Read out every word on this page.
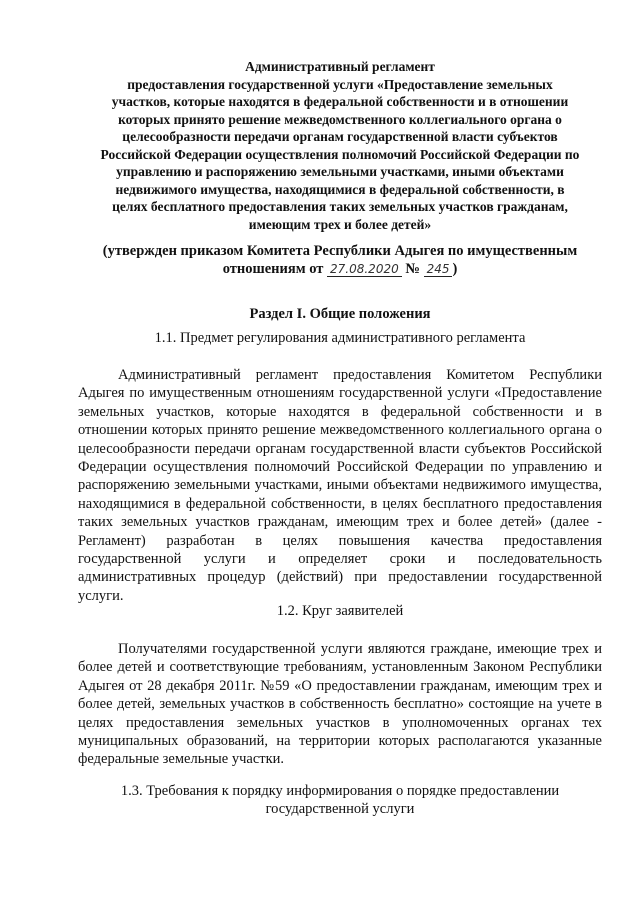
Административный регламент
предоставления государственной услуги «Предоставление земельных
участков, которые находятся в федеральной собственности и в отношении
которых принято решение межведомственного коллегиального органа о
целесообразности передачи органам государственной власти субъектов
Российской Федерации осуществления полномочий Российской Федерации по
управлению и распоряжению земельными участками, иными объектами
недвижимого имущества, находящимися в федеральной собственности, в
целях бесплатного предоставления таких земельных участков гражданам,
имеющим трех и более детей»
(утвержден приказом Комитета Республики Адыгея по имущественным
отношениям от 27.08.2020 № 245 )
Раздел I. Общие положения
1.1. Предмет регулирования административного регламента

Административный регламент предоставления Комитетом Республики Адыгея по имущественным отношениям государственной услуги «Предоставление земельных участков, которые находятся в федеральной собственности и в отношении которых принято решение межведомственного коллегиального органа о целесообразности передачи органам государственной власти субъектов Российской Федерации осуществления полномочий Российской Федерации по управлению и распоряжению земельными участками, иными объектами недвижимого имущества, находящимися в федеральной собственности, в целях бесплатного предоставления таких земельных участков гражданам, имеющим трех и более детей» (далее - Регламент) разработан в целях повышения качества предоставления государственной услуги и определяет сроки и последовательность административных процедур (действий) при предоставлении государственной услуги.

1.2. Круг заявителей

Получателями государственной услуги являются граждане, имеющие трех и более детей и соответствующие требованиям, установленным Законом Республики Адыгея от 28 декабря 2011г. №59 «О предоставлении гражданам, имеющим трех и более детей, земельных участков в собственность бесплатно» состоящие на учете в целях предоставления земельных участков в уполномоченных органах тех муниципальных образований, на территории которых располагаются указанные федеральные земельные участки.

1.3. Требования к порядку информирования о порядке предоставлении
государственной услуги
